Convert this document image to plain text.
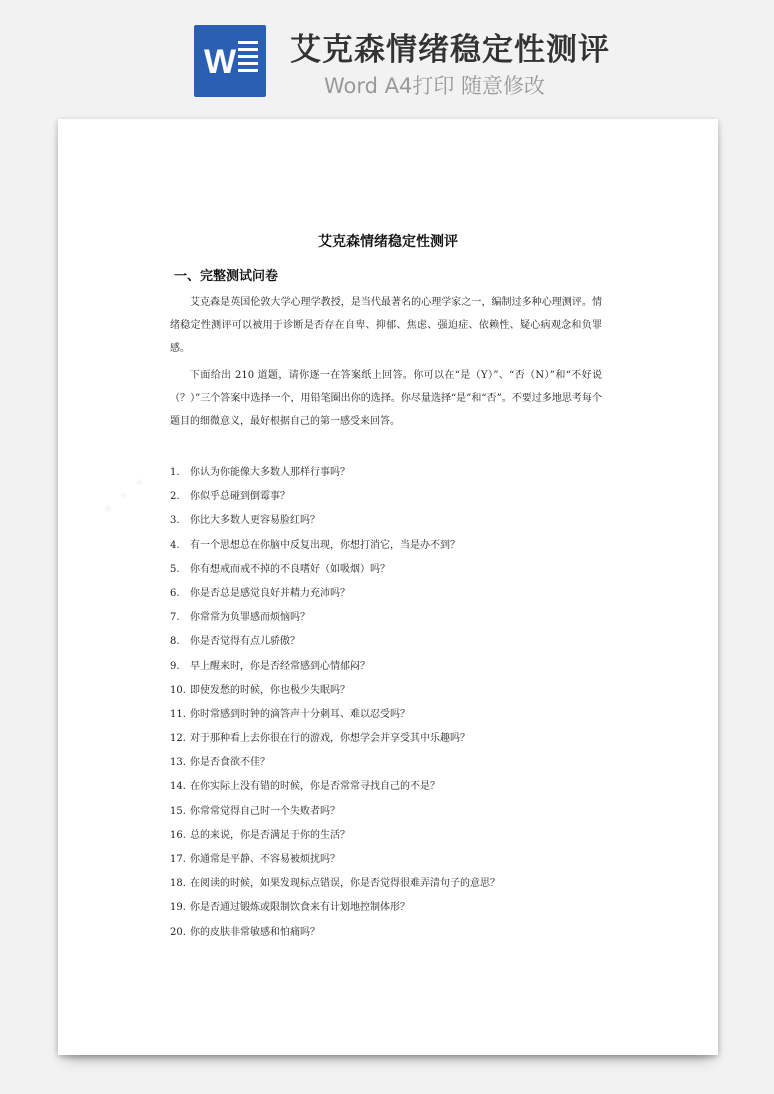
W 艾克森情绪稳定性测评
Word A4打印 随意修改
· · ·
艾克森情绪稳定性测评
一、完整测试问卷

艾克森是英国伦敦大学心理学教授，是当代最著名的心理学家之一，编制过多种心理测评。情绪稳定性测评可以被用于诊断是否存在自卑、抑郁、焦虑、强迫症、依赖性、疑心病观念和负罪感。

下面给出 210 道题，请你逐一在答案纸上回答。你可以在“是（Y）”、“否（N）”和“不好说（？）”三个答案中选择一个，用铅笔圈出你的选择。你尽量选择“是”和“否”。不要过多地思考每个题目的细微意义，最好根据自己的第一感受来回答。

1. 你认为你能像大多数人那样行事吗？
2. 你似乎总碰到倒霉事？
3. 你比大多数人更容易脸红吗？
4. 有一个思想总在你脑中反复出现，你想打消它，当是办不到？
5. 你有想戒而戒不掉的不良嗜好（如吸烟）吗？
6. 你是否总是感觉良好并精力充沛吗？
7. 你常常为负罪感而烦恼吗？
8. 你是否觉得有点儿骄傲？
9. 早上醒来时，你是否经常感到心情郁闷？
10. 即使发愁的时候，你也极少失眠吗？
11. 你时常感到时钟的滴答声十分刺耳、难以忍受吗？
12. 对于那种看上去你很在行的游戏，你想学会并享受其中乐趣吗？
13. 你是否食欲不佳？
14. 在你实际上没有错的时候，你是否常常寻找自己的不是？
15. 你常常觉得自己时一个失败者吗？
16. 总的来说，你是否满足于你的生活？
17. 你通常是平静、不容易被烦扰吗？
18. 在阅读的时候，如果发现标点错误，你是否觉得很难弄清句子的意思？
19. 你是否通过锻炼或限制饮食来有计划地控制体形？
20. 你的皮肤非常敏感和怕痛吗？
